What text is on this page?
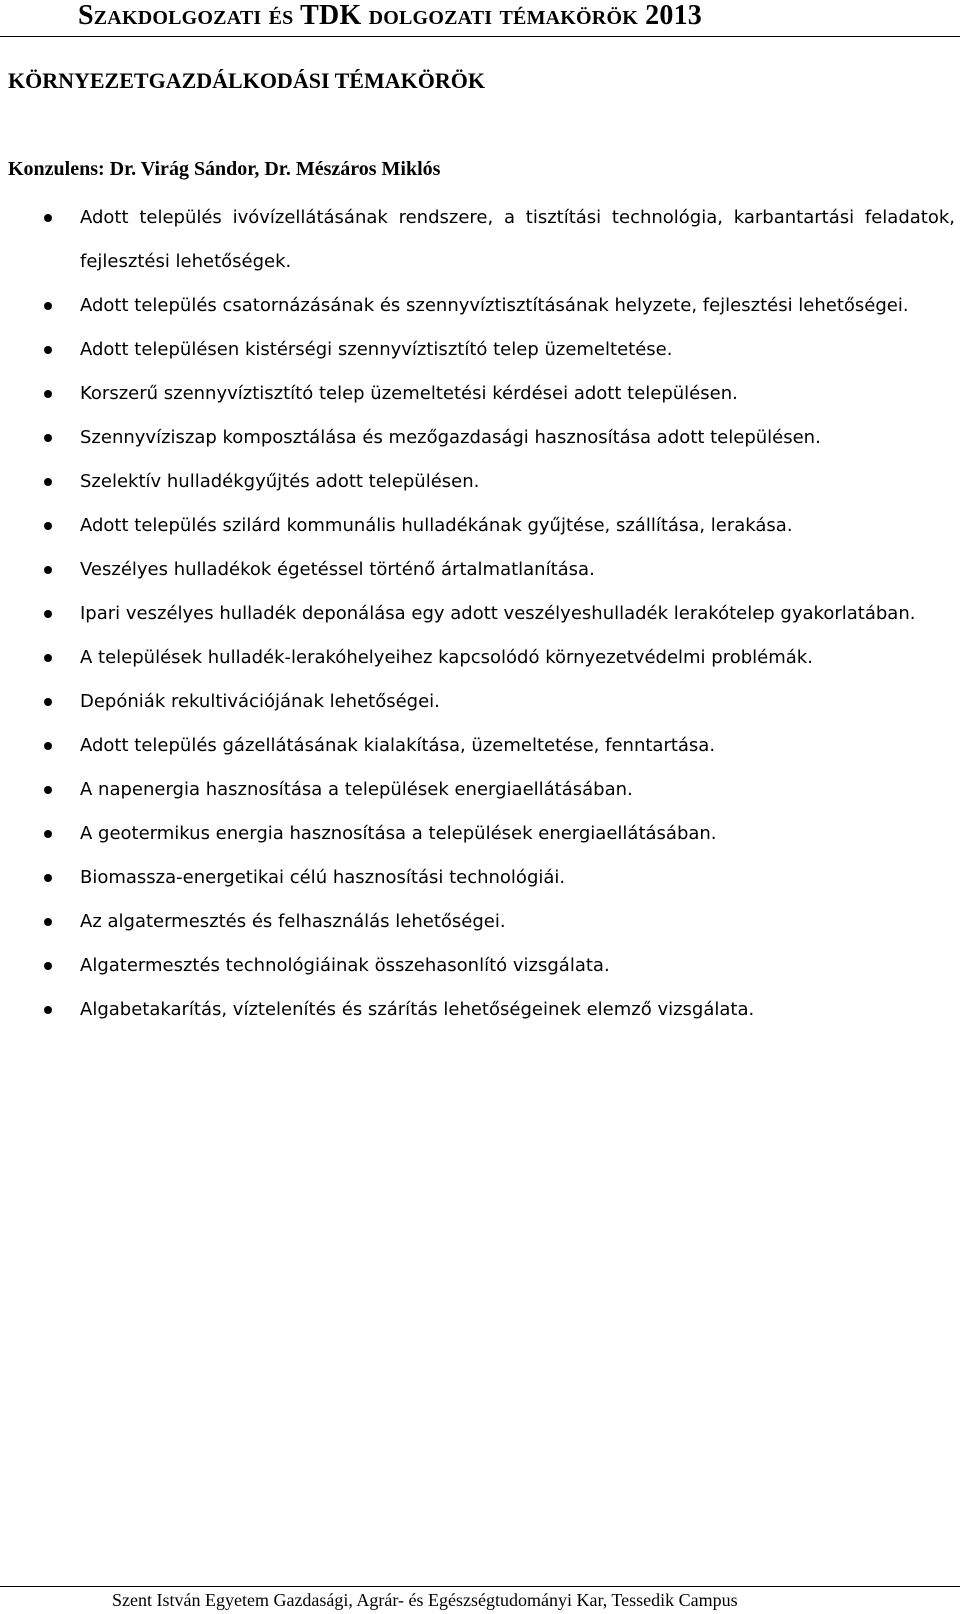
Szakdolgozati és TDK dolgozati témakörök 2013
KÖRNYEZETGAZDÁLKODÁSI TÉMAKÖRÖK
Konzulens: Dr. Virág Sándor, Dr. Mészáros Miklós
Adott település ivóvízellátásának rendszere, a tisztítási technológia, karbantartási feladatok, fejlesztési lehetőségek.
Adott település csatornázásának és szennyvíztisztításának helyzete, fejlesztési lehetőségei.
Adott településen kistérségi szennyvíztisztító telep üzemeltetése.
Korszerű szennyvíztisztító telep üzemeltetési kérdései adott településen.
Szennyvíziszap komposztálása és mezőgazdasági hasznosítása adott településen.
Szelektív hulladékgyűjtés adott településen.
Adott település szilárd kommunális hulladékának gyűjtése, szállítása, lerakása.
Veszélyes hulladékok égetéssel történő ártalmatlanítása.
Ipari veszélyes hulladék deponálása egy adott veszélyeshulladék lerakótelep gyakorlatában.
A települések hulladék-lerakóhelyeihez kapcsolódó környezetvédelmi problémák.
Depóniák rekultivációjának lehetőségei.
Adott település gázellátásának kialakítása, üzemeltetése, fenntartása.
A napenergia hasznosítása a települések energiaellátásában.
A geotermikus energia hasznosítása a települések energiaellátásában.
Biomassza-energetikai célú hasznosítási technológiái.
Az algatermesztés és felhasználás lehetőségei.
Algatermesztés technológiáinak összehasonlító vizsgálata.
Algabetakarítás, víztelenítés és szárítás lehetőségeinek elemző vizsgálata.
Szent István Egyetem Gazdasági, Agrár- és Egészségtudományi Kar, Tessedik Campus
